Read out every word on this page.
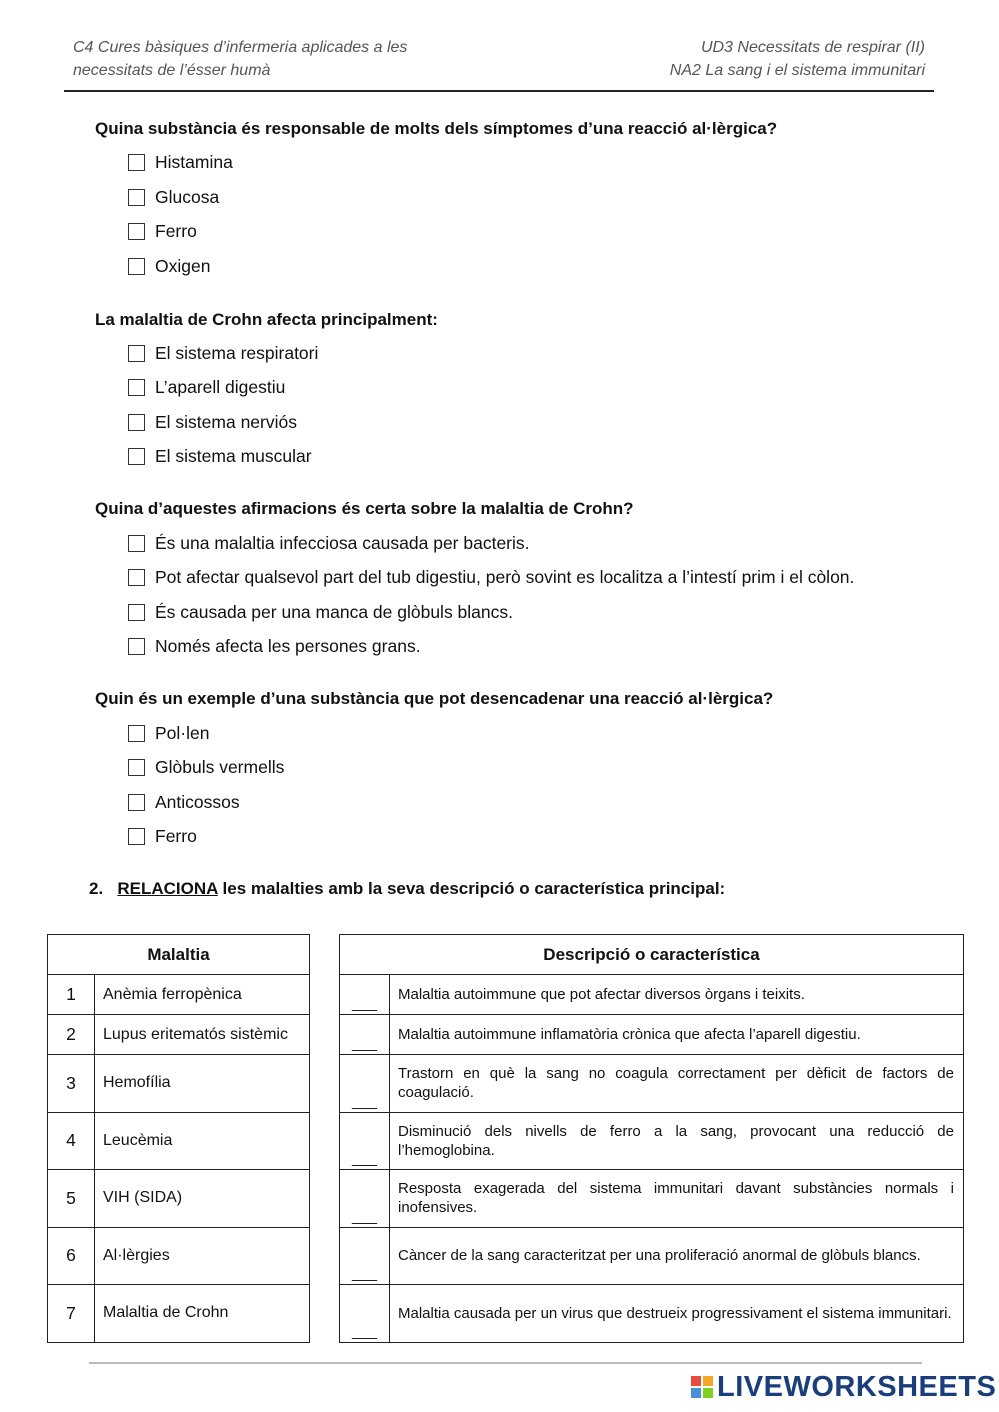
C4 Cures bàsiques d’infermeria aplicades a les
necessitats de l’ésser humà
UD3 Necessitats de respirar (II)
NA2 La sang i el sistema immunitari
Quina substància és responsable de molts dels símptomes d’una reacció al·lèrgica?
Histamina
Glucosa
Ferro
Oxigen
La malaltia de Crohn afecta principalment:
El sistema respiratori
L’aparell digestiu
El sistema nerviós
El sistema muscular
Quina d’aquestes afirmacions és certa sobre la malaltia de Crohn?
És una malaltia infecciosa causada per bacteris.
Pot afectar qualsevol part del tub digestiu, però sovint es localitza a l’intestí prim i el còlon.
És causada per una manca de glòbuls blancs.
Només afecta les persones grans.
Quin és un exemple d’una substància que pot desencadenar una reacció al·lèrgica?
Pol·len
Glòbuls vermells
Anticossos
Ferro
2. RELACIONA les malalties amb la seva descripció o característica principal:
Malaltia	
1	Anèmia ferropènica
2	Lupus eritematós sistèmic
3	Hemofília
4	Leucèmia
5	VIH (SIDA)
6	Al·lèrgies
7	Malaltia de Crohn
Descripció o característica	
___	Malaltia autoimmune que pot afectar diversos òrgans i teixits.
___	Malaltia autoimmune inflamatòria crònica que afecta l’aparell digestiu.
___	Trastorn en què la sang no coagula correctament per dèficit de factors de coagulació.
___	Disminució dels nivells de ferro a la sang, provocant una reducció de l’hemoglobina.
___	Resposta exagerada del sistema immunitari davant substàncies normals i inofensives.
___	Càncer de la sang caracteritzat per una proliferació anormal de glòbuls blancs.
___	Malaltia causada per un virus que destrueix progressivament el sistema immunitari.
LIVEWORKSHEETS
